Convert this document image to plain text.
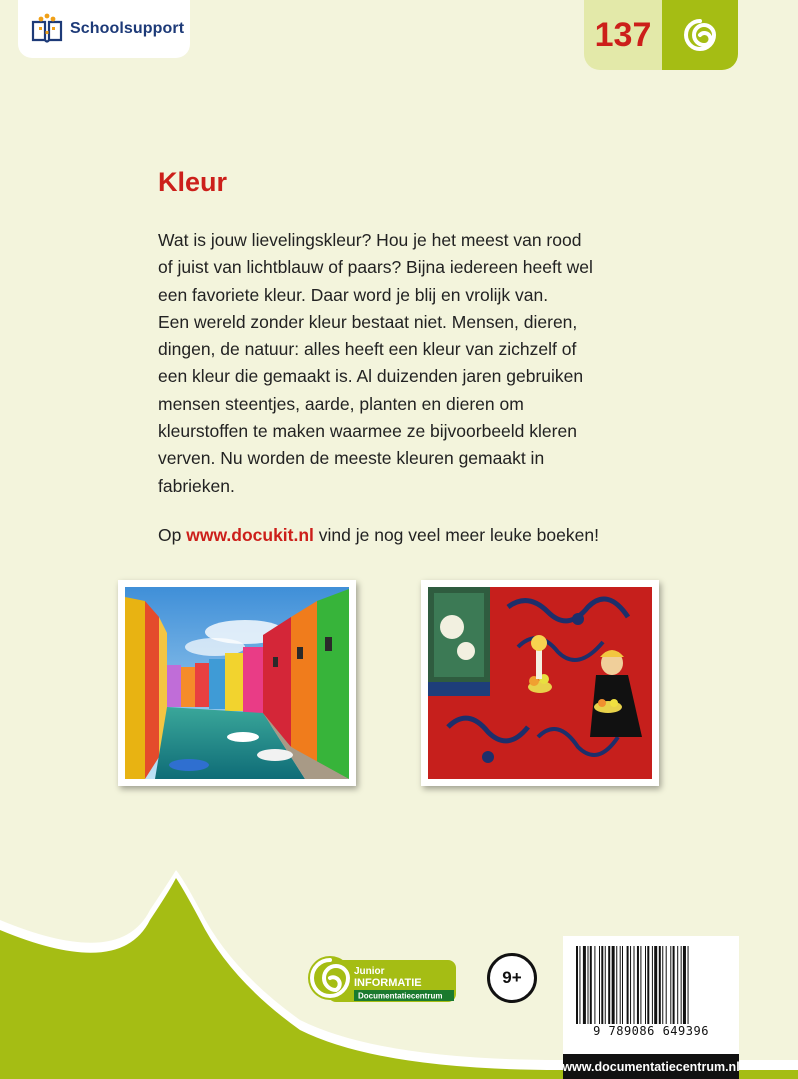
Schoolsupport	137
Kleur

Wat is jouw lievelingskleur? Hou je het meest van rood
of juist van lichtblauw of paars? Bijna iedereen heeft wel
een favoriete kleur. Daar word je blij en vrolijk van.
Een wereld zonder kleur bestaat niet. Mensen, dieren,
dingen, de natuur: alles heeft een kleur van zichzelf of
een kleur die gemaakt is. Al duizenden jaren gebruiken
mensen steentjes, aarde, planten en dieren om
kleurstoffen te maken waarmee ze bijvoorbeeld kleren
verven. Nu worden de meeste kleuren gemaakt in
fabrieken.

Op www.docukit.nl vind je nog veel meer leuke boeken!

Junior
INFORMATIE
Documentatiecentrum
9+
9 789086 649396
www.documentatiecentrum.nl
